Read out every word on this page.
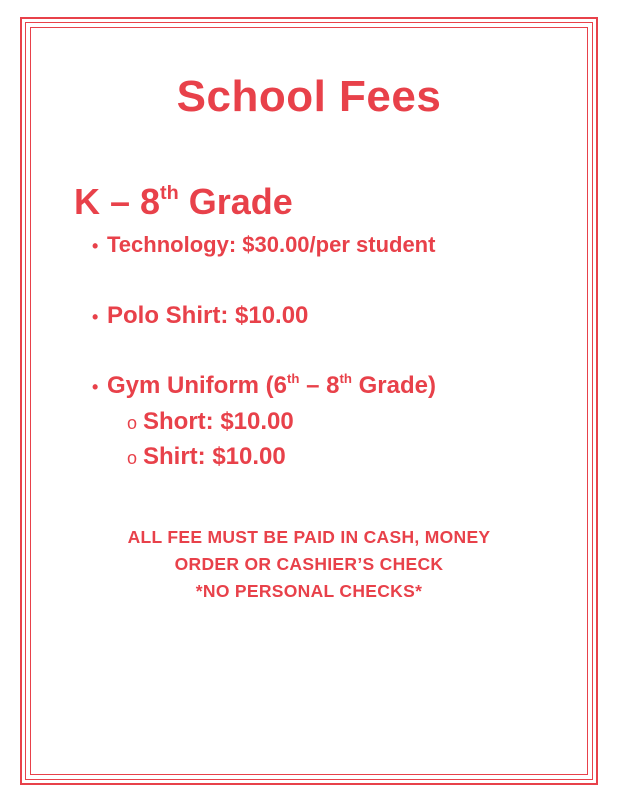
School Fees
K – 8th Grade
• Technology: $30.00/per student
• Polo Shirt: $10.00
• Gym Uniform (6th – 8th Grade)
o Short: $10.00
o Shirt: $10.00
ALL FEE MUST BE PAID IN CASH, MONEY
ORDER OR CASHIER’S CHECK
*NO PERSONAL CHECKS*
